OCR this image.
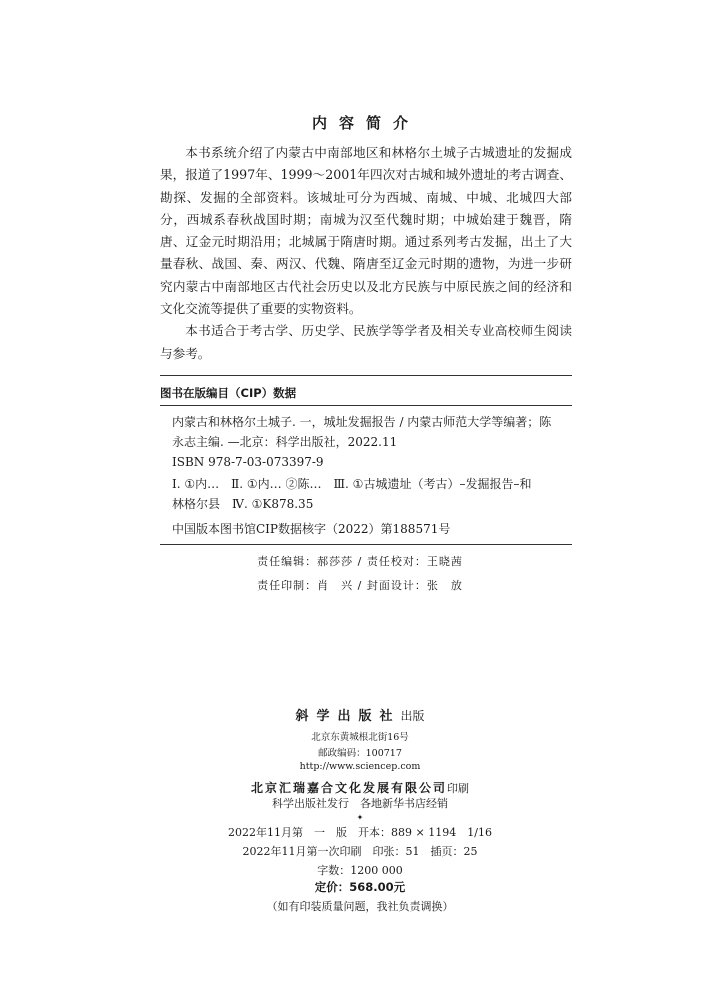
内容简介

本书系统介绍了内蒙古中南部地区和林格尔土城子古城遗址的发掘成果，报道了1997年、1999～2001年四次对古城和城外遗址的考古调查、勘探、发掘的全部资料。该城址可分为西城、南城、中城、北城四大部分，西城系春秋战国时期；南城为汉至代魏时期；中城始建于魏晋，隋唐、辽金元时期沿用；北城属于隋唐时期。通过系列考古发掘，出土了大量春秋、战国、秦、两汉、代魏、隋唐至辽金元时期的遗物，为进一步研究内蒙古中南部地区古代社会历史以及北方民族与中原民族之间的经济和文化交流等提供了重要的实物资料。

本书适合于考古学、历史学、民族学等学者及相关专业高校师生阅读与参考。

图书在版编目（CIP）数据
内蒙古和林格尔土城子. 一，城址发掘报告 / 内蒙古师范大学等编著；陈
永志主编. —北京：科学出版社，2022.11
ISBN 978-7-03-073397-9
Ⅰ. ①内…　Ⅱ. ①内… ②陈…　Ⅲ. ①古城遗址（考古）–发掘报告–和
林格尔县　Ⅳ. ①K878.35
中国版本图书馆CIP数据核字（2022）第188571号
责任编辑：郝莎莎 / 责任校对：王晓茜
责任印制：肖　兴 / 封面设计：张　放
斜学出版社出版
北京东黄城根北街16号
邮政编码：100717
http://www.sciencep.com
北京汇瑞嘉合文化发展有限公司印刷
科学出版社发行　各地新华书店经销
✦
2022年11月第　一　版　开本：889 × 1194　1/16
2022年11月第一次印刷　印张：51　插页：25
字数：1200 000
定价：568.00元
（如有印装质量问题，我社负责调换）
